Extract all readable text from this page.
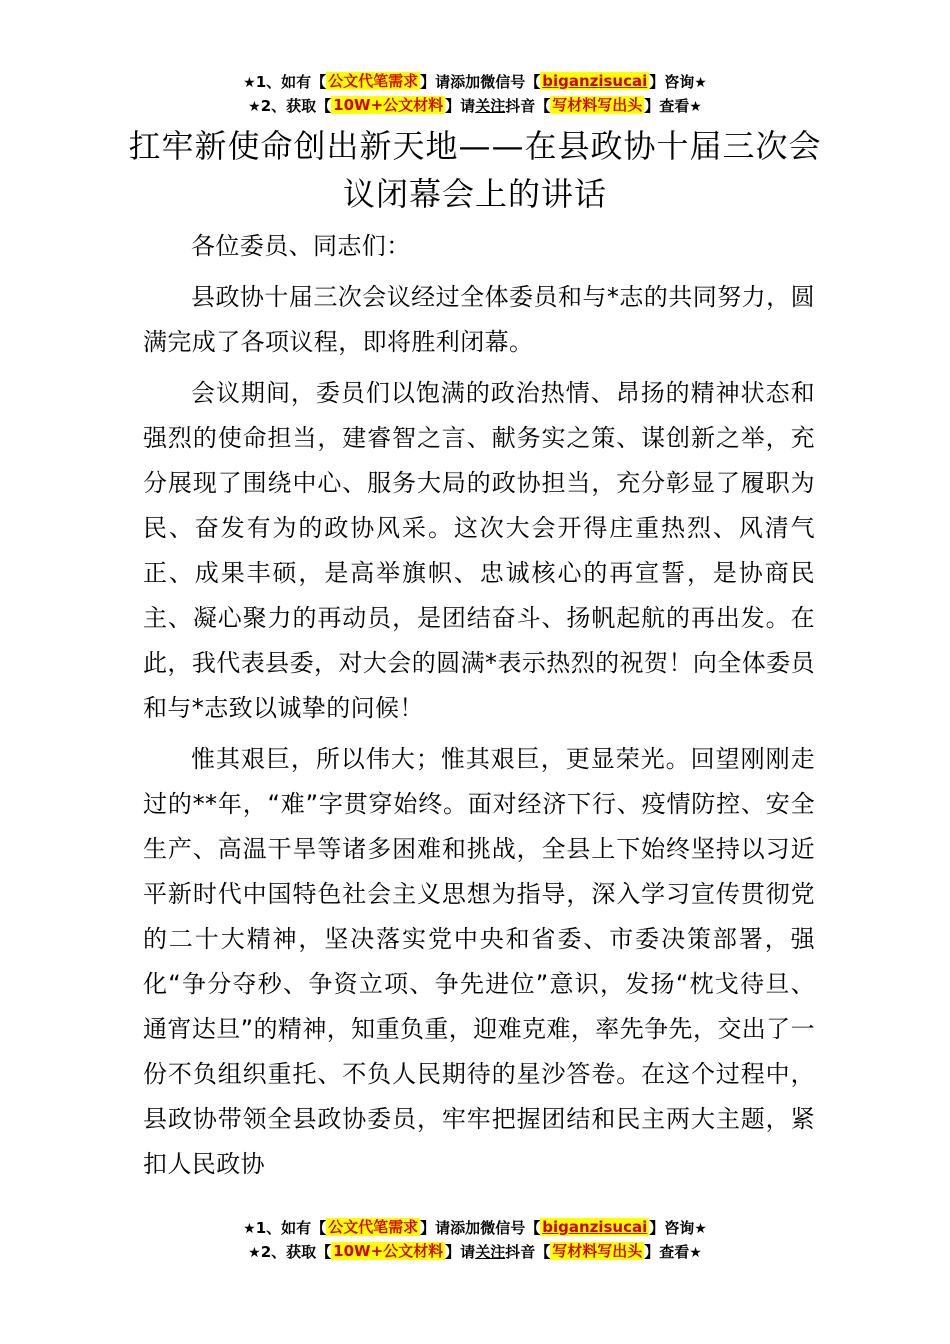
★1、如有【 公文代笔需求 】请添加微信号【 biganzisucai 】咨询★
★2、获取【 10W+公文材料 】请关注抖音【 写材料写出头 】查看★
扛牢新使命创出新天地——在县政协十届三次会议闭幕会上的讲话

各位委员、同志们：

县政协十届三次会议经过全体委员和与*志的共同努力，圆满完成了各项议程，即将胜利闭幕。

会议期间，委员们以饱满的政治热情、昂扬的精神状态和强烈的使命担当，建睿智之言、献务实之策、谋创新之举，充分展现了围绕中心、服务大局的政协担当，充分彰显了履职为民、奋发有为的政协风采。这次大会开得庄重热烈、风清气正、成果丰硕，是高举旗帜、忠诚核心的再宣誓，是协商民主、凝心聚力的再动员，是团结奋斗、扬帆起航的再出发。在此，我代表县委，对大会的圆满*表示热烈的祝贺！向全体委员和与*志致以诚挚的问候！

惟其艰巨，所以伟大；惟其艰巨，更显荣光。回望刚刚走过的**年，“难”字贯穿始终。面对经济下行、疫情防控、安全生产、高温干旱等诸多困难和挑战，全县上下始终坚持以习近平新时代中国特色社会主义思想为指导，深入学习宣传贯彻党的二十大精神，坚决落实党中央和省委、市委决策部署，强化“争分夺秒、争资立项、争先进位”意识，发扬“枕戈待旦、通宵达旦”的精神，知重负重，迎难克难，率先争先，交出了一份不负组织重托、不负人民期待的星沙答卷。在这个过程中，县政协带领全县政协委员，牢牢把握团结和民主两大主题，紧扣人民政协

★1、如有【 公文代笔需求 】请添加微信号【 biganzisucai 】咨询★
★2、获取【 10W+公文材料 】请关注抖音【 写材料写出头 】查看★
